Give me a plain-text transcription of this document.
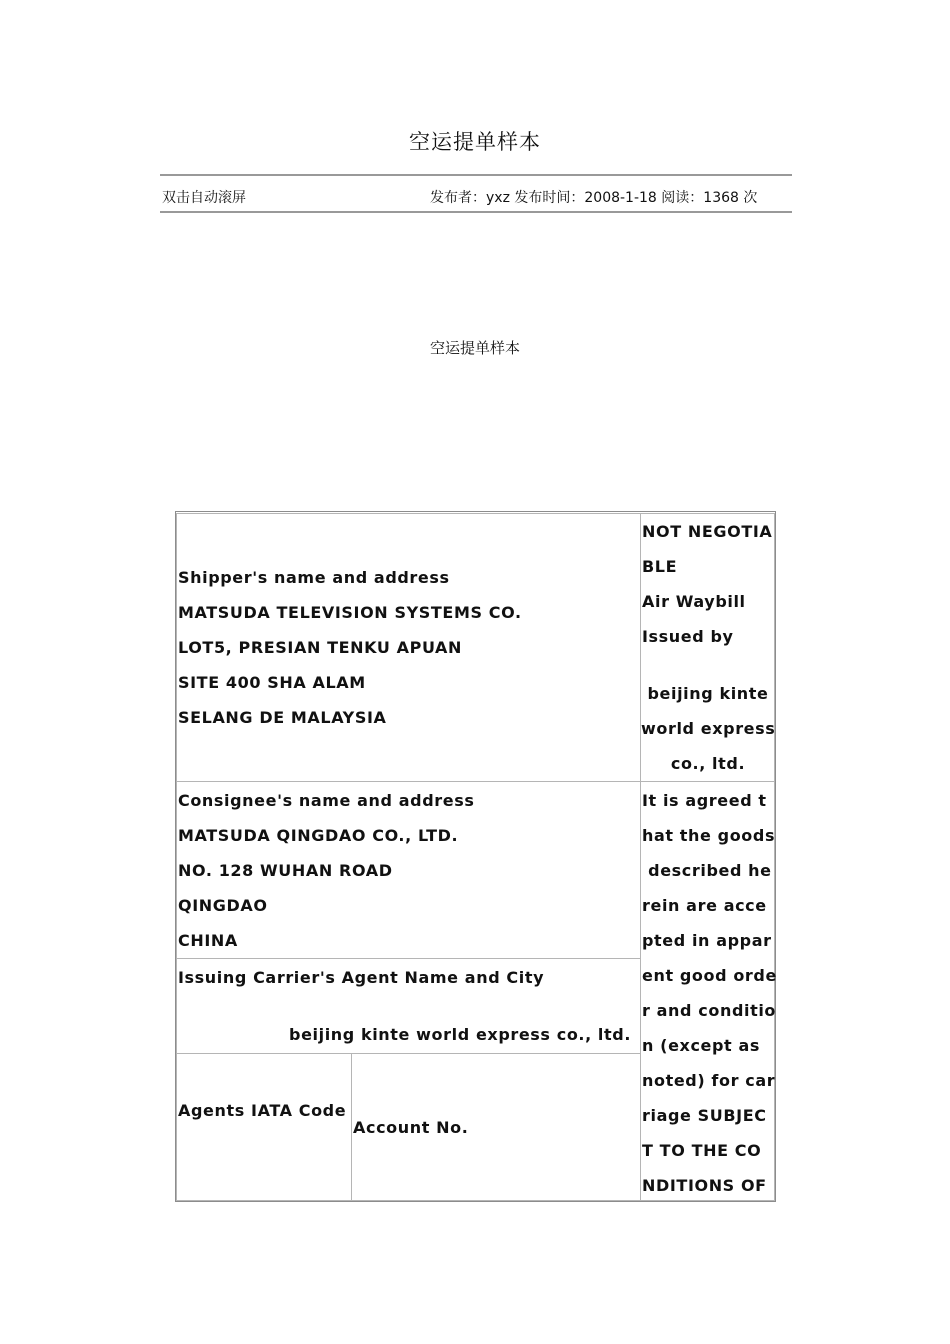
空运提单样本
双击自动滚屏	发布者：yxz 发布时间：2008-1-18 阅读：1368 次
空运提单样本
Shipper's name and address
MATSUDA TELEVISION SYSTEMS CO.
LOT5, PRESIAN TENKU APUAN
SITE 400 SHA ALAM
SELANG DE MALAYSIA
NOT NEGOTIA
BLE
Air Waybill
Issued by
beijing kinte
world express
co., ltd.
Consignee's name and address
MATSUDA QINGDAO CO., LTD.
NO. 128 WUHAN ROAD
QINGDAO
CHINA
It is agreed t
hat the goods
described he
rein are acce
pted in appar
ent good orde
r and conditio
n (except as
noted) for car
riage SUBJEC
T TO THE CO
NDITIONS OF
Issuing Carrier's Agent Name and City
beijing kinte world express co., ltd.
Agents IATA Code
Account No.
